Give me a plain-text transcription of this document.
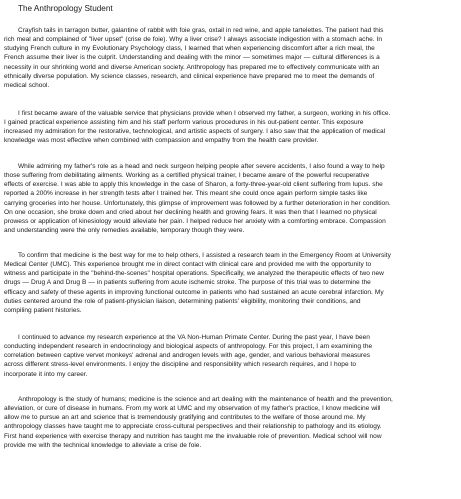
The Anthropology Student
Crayfish tails in tarragon butter, galantine of rabbit with foie gras, oxtail in red wine, and apple tartelettes. The patient had this
rich meal and complained of "liver upset" (crise de foie). Why a liver crise? I always associate indigestion with a stomach ache. In
studying French culture in my Evolutionary Psychology class, I learned that when experiencing discomfort after a rich meal, the
French assume their liver is the culprit. Understanding and dealing with the minor — sometimes major — cultural differences is a
necessity in our shrinking world and diverse American society. Anthropology has prepared me to effectively communicate with an
ethnically diverse population. My science classes, research, and clinical experience have prepared me to meet the demands of
medical school.
I first became aware of the valuable service that physicians provide when I observed my father, a surgeon, working in his office.
I gained practical experience assisting him and his staff perform various procedures in his out-patient center. This exposure
increased my admiration for the restorative, technological, and artistic aspects of surgery. I also saw that the application of medical
knowledge was most effective when combined with compassion and empathy from the health care provider.
While admiring my father's role as a head and neck surgeon helping people after severe accidents, I also found a way to help
those suffering from debilitating ailments. Working as a certified physical trainer, I became aware of the powerful recuperative
effects of exercise. I was able to apply this knowledge in the case of Sharon, a forty-three-year-old client suffering from lupus. she
reported a 200% increase in her strength tests after I trained her. This meant she could once again perform simple tasks like
carrying groceries into her house. Unfortunately, this glimpse of improvement was followed by a further deterioration in her condition.
On one occasion, she broke down and cried about her declining health and growing fears. It was then that I learned no physical
prowess or application of kinesiology would alleviate her pain. I helped reduce her anxiety with a comforting embrace. Compassion
and understanding were the only remedies available, temporary though they were.
To confirm that medicine is the best way for me to help others, I assisted a research team in the Emergency Room at University
Medical Center (UMC). This experience brought me in direct contact with clinical care and provided me with the opportunity to
witness and participate in the "behind-the-scenes" hospital operations. Specifically, we analyzed the therapeutic effects of two new
drugs — Drug A and Drug B — in patients suffering from acute ischemic stroke. The purpose of this trial was to determine the
efficacy and safety of these agents in improving functional outcome in patients who had sustained an acute cerebral infarction. My
duties centered around the role of patient-physician liaison, determining patients' eligibility, monitoring their conditions, and
compiling patient histories.
I continued to advance my research experience at the VA Non-Human Primate Center. During the past year, I have been
conducting independent research in endocrinology and biological aspects of anthropology. For this project, I am examining the
correlation between captive vervet monkeys' adrenal and androgen levels with age, gender, and various behavioral measures
across different stress-level environments. I enjoy the discipline and responsibility which research requires, and I hope to
incorporate it into my career.
Anthropology is the study of humans; medicine is the science and art dealing with the maintenance of health and the prevention,
alleviation, or cure of disease in humans. From my work at UMC and my observation of my father's practice, I know medicine will
allow me to pursue an art and science that is tremendously gratifying and contributes to the welfare of those around me. My
anthropology classes have taught me to appreciate cross-cultural perspectives and their relationship to pathology and its etiology.
First hand experience with exercise therapy and nutrition has taught me the invaluable role of prevention. Medical school will now
provide me with the technical knowledge to alleviate a crise de foie.
